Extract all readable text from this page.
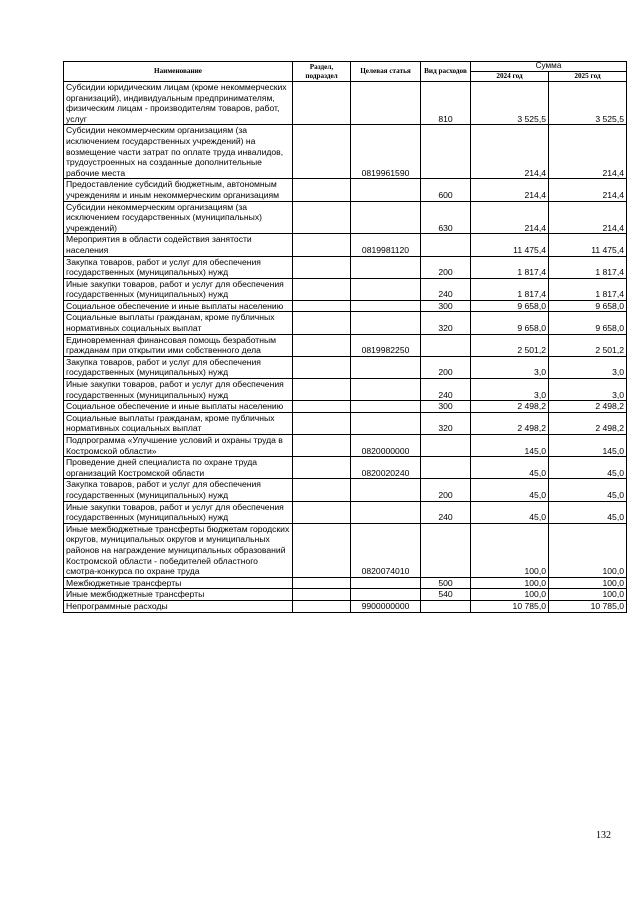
Наименование	Раздел, подраздел	Целевая статья	Вид расходов	Сумма	
				2024 год	2025 год
Субсидии юридическим лицам (кроме некоммерческих организаций), индивидуальным предпринимателям, физическим лицам - производителям товаров, работ, услуг			810	3 525,5	3 525,5
Субсидии некоммерческим организациям (за исключением государственных учреждений) на возмещение части затрат по оплате труда инвалидов, трудоустроенных на созданные дополнительные рабочие места		0819961590		214,4	214,4
Предоставление субсидий бюджетным, автономным учреждениям и иным некоммерческим организациям			600	214,4	214,4
Субсидии некоммерческим организациям (за исключением государственных (муниципальных) учреждений)			630	214,4	214,4
Мероприятия в области содействия занятости населения		0819981120		11 475,4	11 475,4
Закупка товаров, работ и услуг для обеспечения государственных (муниципальных) нужд			200	1 817,4	1 817,4
Иные закупки товаров, работ и услуг для обеспечения государственных (муниципальных) нужд			240	1 817,4	1 817,4
Социальное обеспечение и иные выплаты населению			300	9 658,0	9 658,0
Социальные выплаты гражданам, кроме публичных нормативных социальных выплат			320	9 658,0	9 658,0
Единовременная финансовая помощь безработным гражданам при открытии ими собственного дела		0819982250		2 501,2	2 501,2
Закупка товаров, работ и услуг для обеспечения государственных (муниципальных) нужд			200	3,0	3,0
Иные закупки товаров, работ и услуг для обеспечения государственных (муниципальных) нужд			240	3,0	3,0
Социальное обеспечение и иные выплаты населению			300	2 498,2	2 498,2
Социальные выплаты гражданам, кроме публичных нормативных социальных выплат			320	2 498,2	2 498,2
Подпрограмма «Улучшение условий и охраны труда в Костромской области»		0820000000		145,0	145,0
Проведение дней специалиста по охране труда организаций Костромской области		0820020240		45,0	45,0
Закупка товаров, работ и услуг для обеспечения государственных (муниципальных) нужд			200	45,0	45,0
Иные закупки товаров, работ и услуг для обеспечения государственных (муниципальных) нужд			240	45,0	45,0
Иные межбюджетные трансферты бюджетам городских округов, муниципальных округов и муниципальных районов на награждение муниципальных образований Костромской области - победителей областного смотра-конкурса по охране труда		0820074010		100,0	100,0
Межбюджетные трансферты			500	100,0	100,0
Иные межбюджетные трансферты			540	100,0	100,0
Непрограммные расходы		9900000000		10 785,0	10 785,0
132
